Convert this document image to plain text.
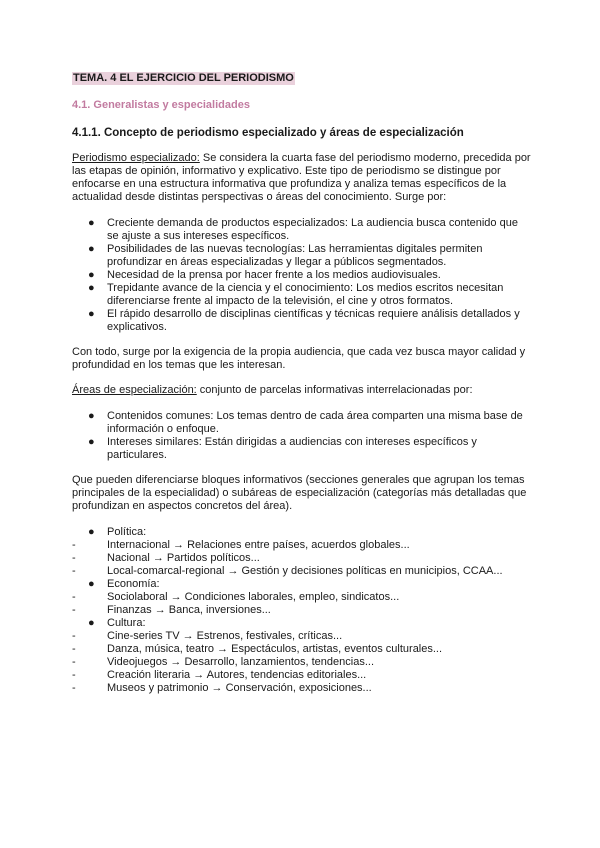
TEMA. 4 EL EJERCICIO DEL PERIODISMO
4.1. Generalistas y especialidades
4.1.1. Concepto de periodismo especializado y áreas de especialización

Periodismo especializado: Se considera la cuarta fase del periodismo moderno, precedida por las etapas de opinión, informativo y explicativo. Este tipo de periodismo se distingue por enfocarse en una estructura informativa que profundiza y analiza temas específicos de la actualidad desde distintas perspectivas o áreas del conocimiento. Surge por:

● Creciente demanda de productos especializados: La audiencia busca contenido que se ajuste a sus intereses específicos.
● Posibilidades de las nuevas tecnologías: Las herramientas digitales permiten profundizar en áreas especializadas y llegar a públicos segmentados.
● Necesidad de la prensa por hacer frente a los medios audiovisuales.
● Trepidante avance de la ciencia y el conocimiento: Los medios escritos necesitan diferenciarse frente al impacto de la televisión, el cine y otros formatos.
● El rápido desarrollo de disciplinas científicas y técnicas requiere análisis detallados y explicativos.

Con todo, surge por la exigencia de la propia audiencia, que cada vez busca mayor calidad y profundidad en los temas que les interesan.

Áreas de especialización: conjunto de parcelas informativas interrelacionadas por:

● Contenidos comunes: Los temas dentro de cada área comparten una misma base de información o enfoque.
● Intereses similares: Están dirigidas a audiencias con intereses específicos y particulares.

Que pueden diferenciarse bloques informativos (secciones generales que agrupan los temas principales de la especialidad) o subáreas de especialización (categorías más detalladas que profundizan en aspectos concretos del área).

● Política:
-	Internacional → Relaciones entre países, acuerdos globales...
-	Nacional → Partidos políticos...
-	Local-comarcal-regional → Gestión y decisiones políticas en municipios, CCAA...
● Economía:
-	Sociolaboral → Condiciones laborales, empleo, sindicatos...
-	Finanzas → Banca, inversiones...
● Cultura:
-	Cine-series TV → Estrenos, festivales, críticas...
-	Danza, música, teatro → Espectáculos, artistas, eventos culturales...
-	Videojuegos → Desarrollo, lanzamientos, tendencias...
-	Creación literaria → Autores, tendencias editoriales...
-	Museos y patrimonio → Conservación, exposiciones...
